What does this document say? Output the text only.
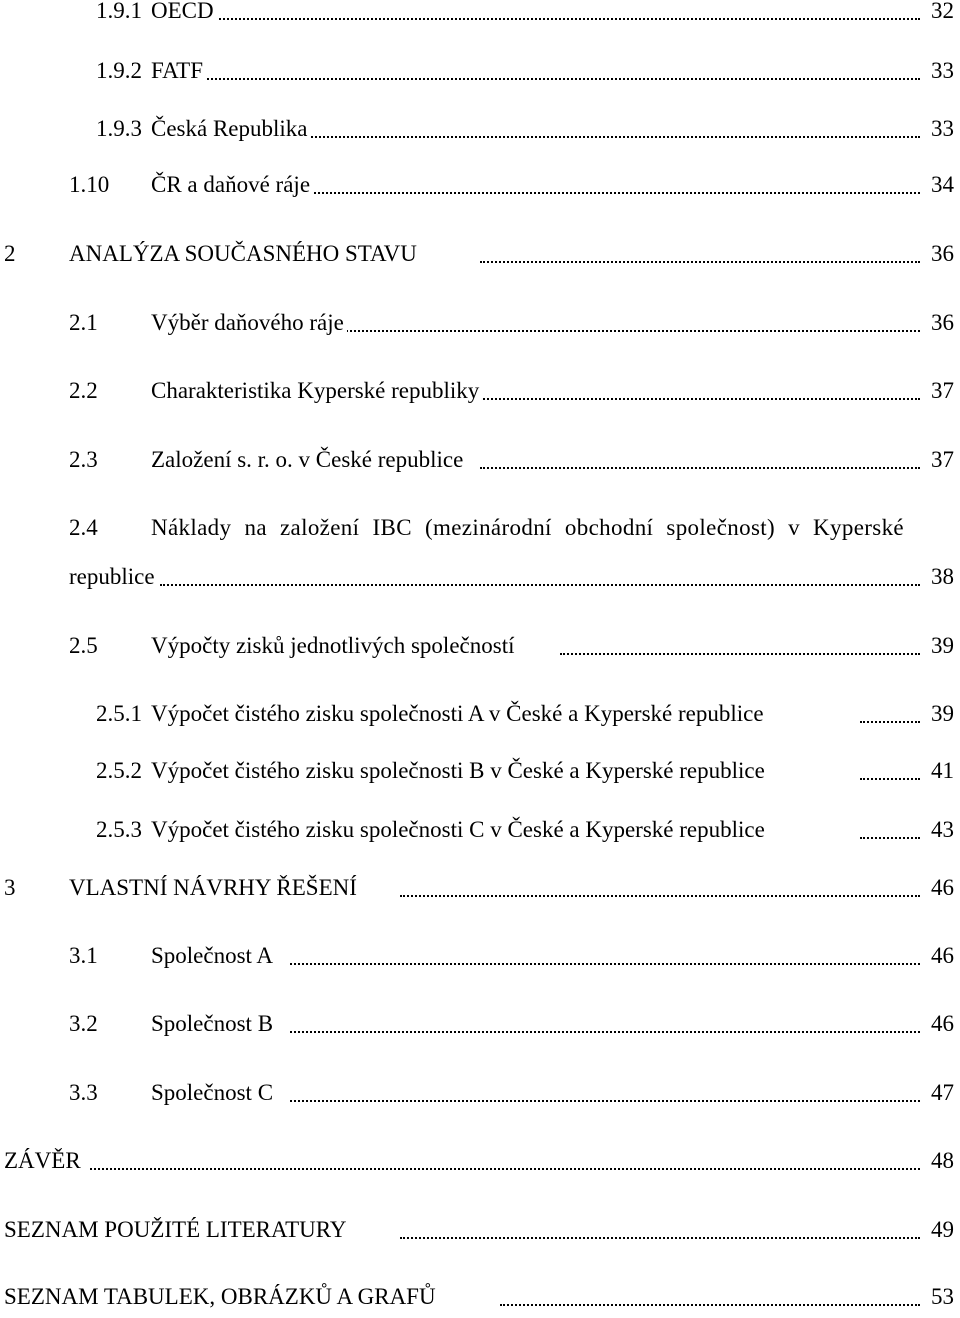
1.9.1 OECD	32
1.9.2 FATF	33
1.9.3 Česká Republika	33
1.10 ČR a daňové ráje	34
2 ANALÝZA SOUČASNÉHO STAVU	36
2.1 Výběr daňového ráje	36
2.2 Charakteristika Kyperské republiky	37
2.3 Založení s. r. o. v České republice	37
2.4 Náklady na založení IBC (mezinárodní obchodní společnost) v Kyperské
republice	38
2.5 Výpočty zisků jednotlivých společností	39
2.5.1 Výpočet čistého zisku společnosti A v České a Kyperské republice	39
2.5.2 Výpočet čistého zisku společnosti B v České a Kyperské republice	41
2.5.3 Výpočet čistého zisku společnosti C v České a Kyperské republice	43
3 VLASTNÍ NÁVRHY ŘEŠENÍ	46
3.1 Společnost A	46
3.2 Společnost B	46
3.3 Společnost C	47
ZÁVĚR	48
SEZNAM POUŽITÉ LITERATURY	49
SEZNAM TABULEK, OBRÁZKŮ A GRAFŮ	53
